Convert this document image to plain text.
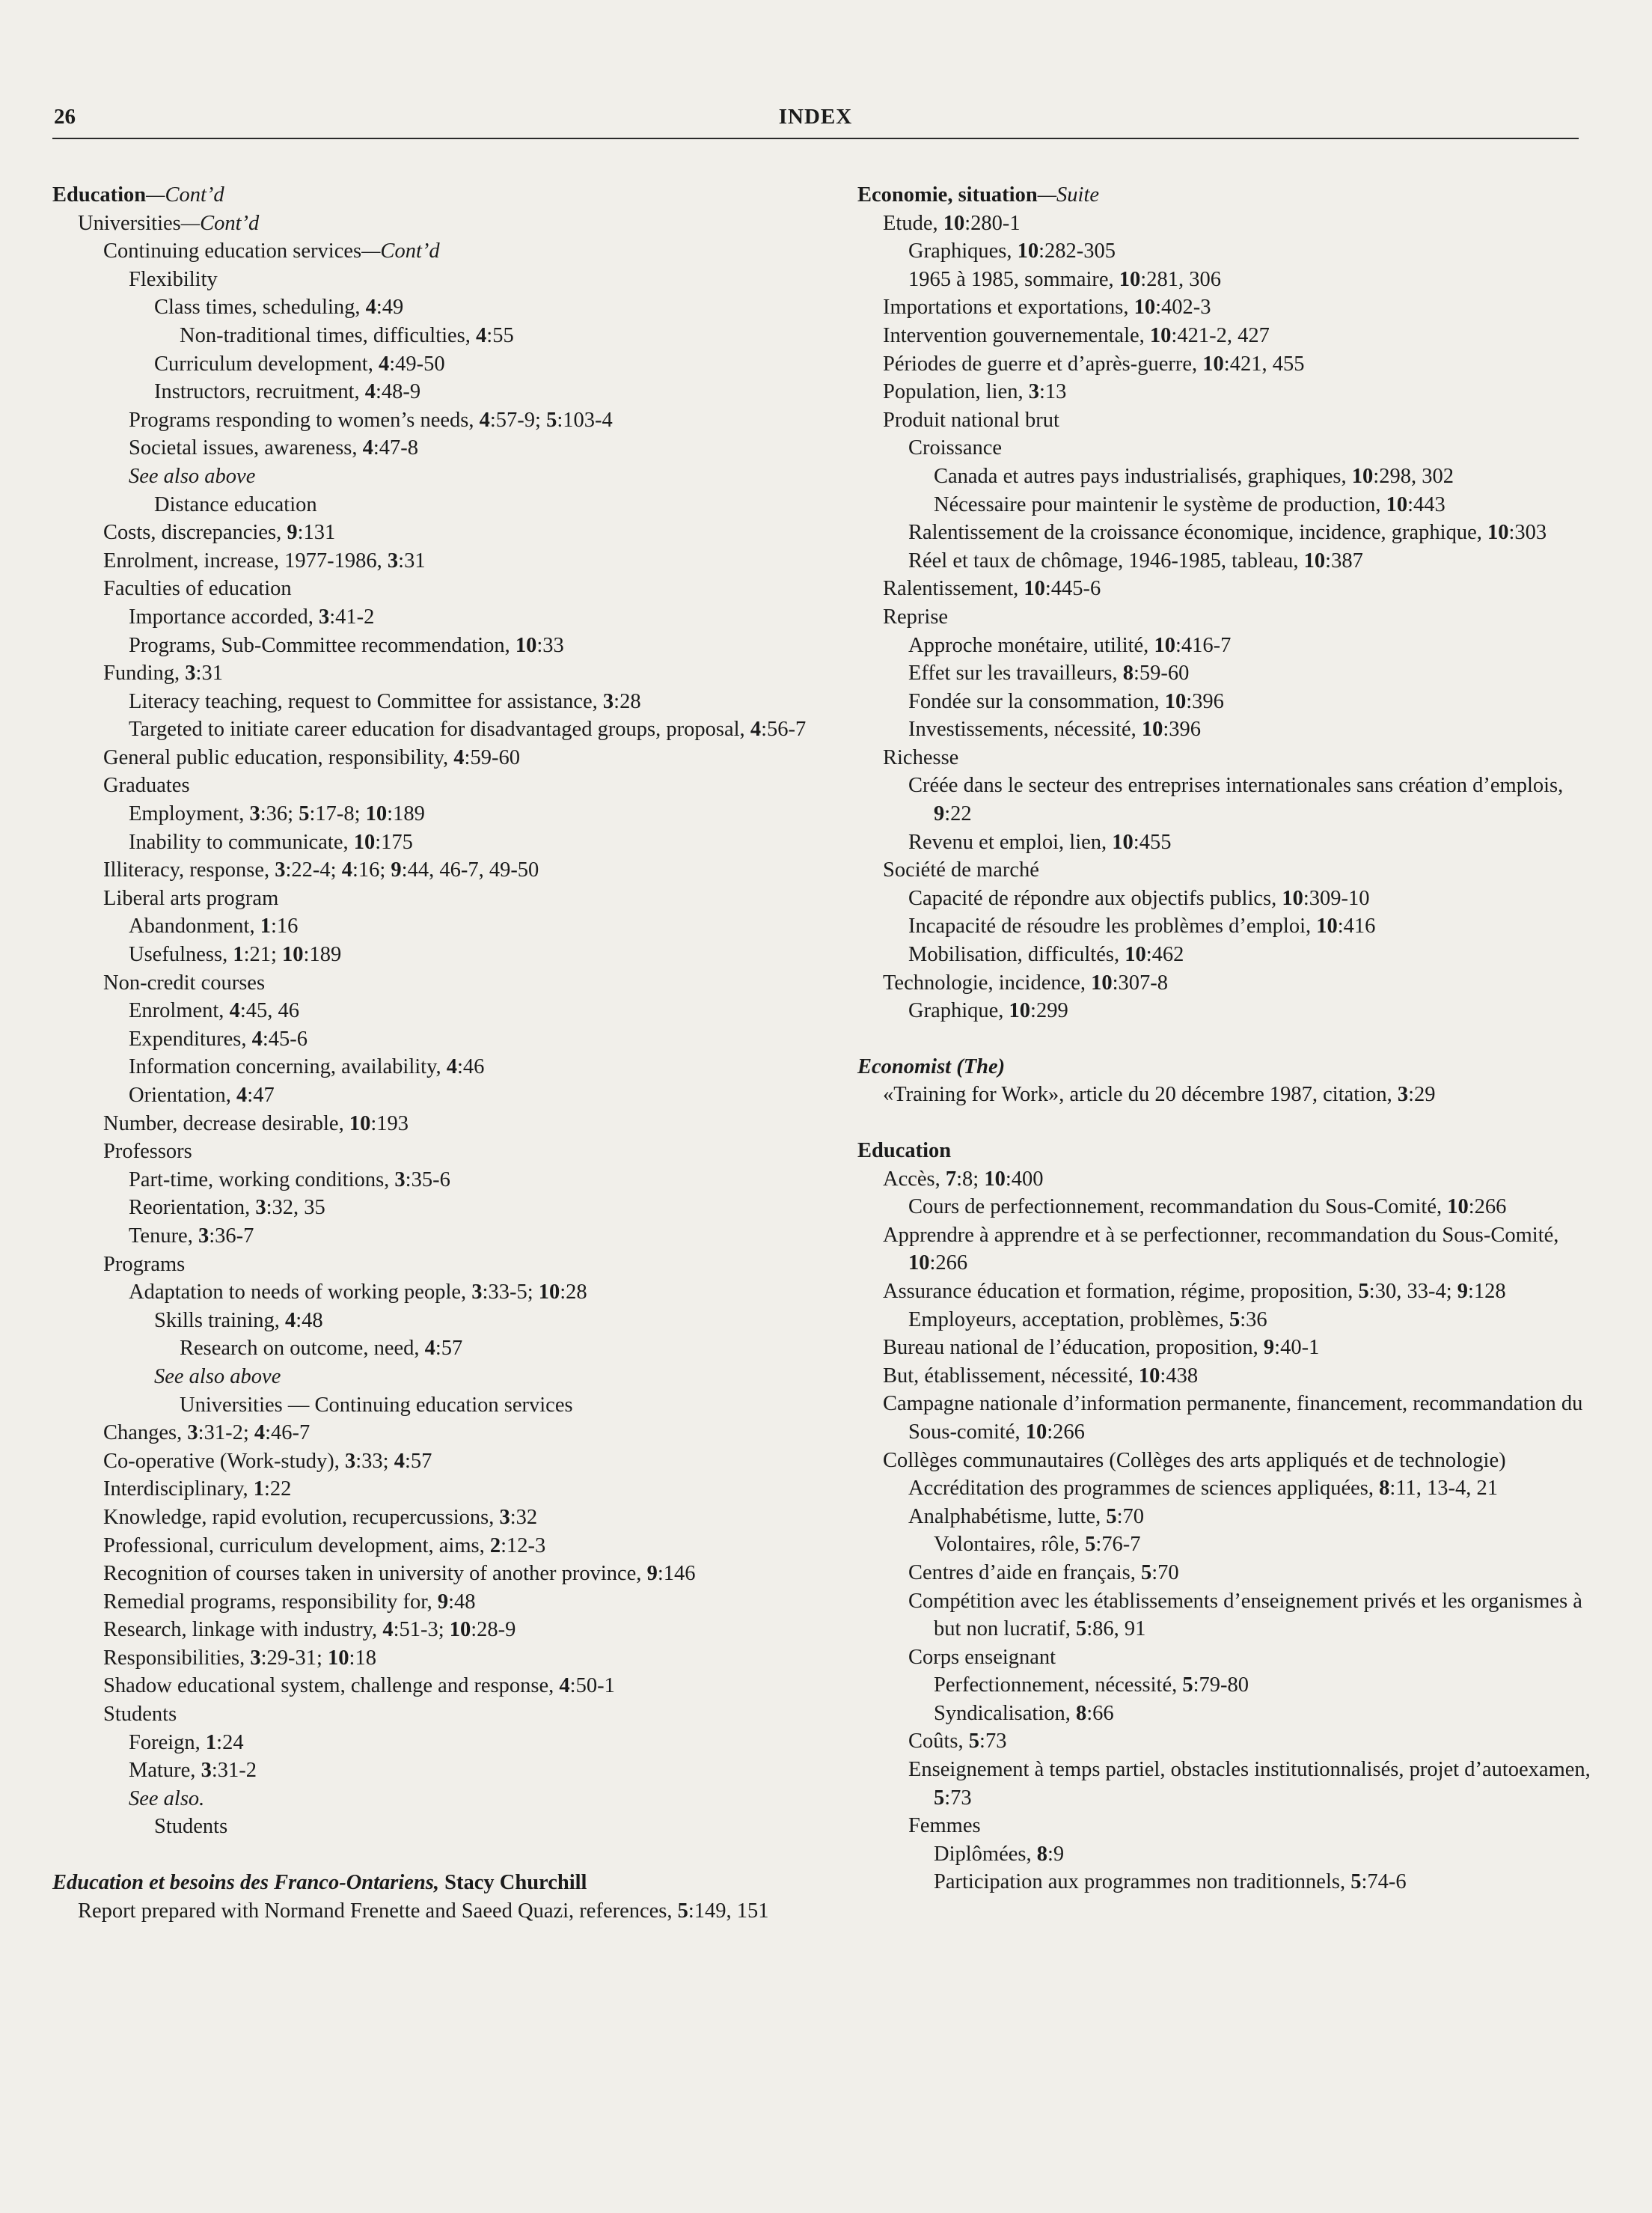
26	INDEX
Education—Cont’d
Universities—Cont’d
Continuing education services—Cont’d
Flexibility
Class times, scheduling, 4:49
Non-traditional times, difficulties, 4:55
Curriculum development, 4:49-50
Instructors, recruitment, 4:48-9
Programs responding to women’s needs, 4:57-9; 5:103-4
Societal issues, awareness, 4:47-8
See also above
Distance education
Costs, discrepancies, 9:131
Enrolment, increase, 1977-1986, 3:31
Faculties of education
Importance accorded, 3:41-2
Programs, Sub-Committee recommendation, 10:33
Funding, 3:31
Literacy teaching, request to Committee for assistance, 3:28
Targeted to initiate career education for disadvantaged groups, proposal, 4:56-7
General public education, responsibility, 4:59-60
Graduates
Employment, 3:36; 5:17-8; 10:189
Inability to communicate, 10:175
Illiteracy, response, 3:22-4; 4:16; 9:44, 46-7, 49-50
Liberal arts program
Abandonment, 1:16
Usefulness, 1:21; 10:189
Non-credit courses
Enrolment, 4:45, 46
Expenditures, 4:45-6
Information concerning, availability, 4:46
Orientation, 4:47
Number, decrease desirable, 10:193
Professors
Part-time, working conditions, 3:35-6
Reorientation, 3:32, 35
Tenure, 3:36-7
Programs
Adaptation to needs of working people, 3:33-5; 10:28
Skills training, 4:48
Research on outcome, need, 4:57
See also above
Universities — Continuing education services
Changes, 3:31-2; 4:46-7
Co-operative (Work-study), 3:33; 4:57
Interdisciplinary, 1:22
Knowledge, rapid evolution, recupercussions, 3:32
Professional, curriculum development, aims, 2:12-3
Recognition of courses taken in university of another province, 9:146
Remedial programs, responsibility for, 9:48
Research, linkage with industry, 4:51-3; 10:28-9
Responsibilities, 3:29-31; 10:18
Shadow educational system, challenge and response, 4:50-1
Students
Foreign, 1:24
Mature, 3:31-2
See also.
Students
Education et besoins des Franco-Ontariens, Stacy Churchill
Report prepared with Normand Frenette and Saeed Quazi, references, 5:149, 151
Economie, situation—Suite
Etude, 10:280-1
Graphiques, 10:282-305
1965 à 1985, sommaire, 10:281, 306
Importations et exportations, 10:402-3
Intervention gouvernementale, 10:421-2, 427
Périodes de guerre et d’après-guerre, 10:421, 455
Population, lien, 3:13
Produit national brut
Croissance
Canada et autres pays industrialisés, graphiques, 10:298, 302
Nécessaire pour maintenir le système de production, 10:443
Ralentissement de la croissance économique, incidence, graphique, 10:303
Réel et taux de chômage, 1946-1985, tableau, 10:387
Ralentissement, 10:445-6
Reprise
Approche monétaire, utilité, 10:416-7
Effet sur les travailleurs, 8:59-60
Fondée sur la consommation, 10:396
Investissements, nécessité, 10:396
Richesse
Créée dans le secteur des entreprises internationales sans création d’emplois, 9:22
Revenu et emploi, lien, 10:455
Société de marché
Capacité de répondre aux objectifs publics, 10:309-10
Incapacité de résoudre les problèmes d’emploi, 10:416
Mobilisation, difficultés, 10:462
Technologie, incidence, 10:307-8
Graphique, 10:299
Economist (The)
«Training for Work», article du 20 décembre 1987, citation, 3:29
Education
Accès, 7:8; 10:400
Cours de perfectionnement, recommandation du Sous-Comité, 10:266
Apprendre à apprendre et à se perfectionner, recommandation du Sous-Comité, 10:266
Assurance éducation et formation, régime, proposition, 5:30, 33-4; 9:128
Employeurs, acceptation, problèmes, 5:36
Bureau national de l’éducation, proposition, 9:40-1
But, établissement, nécessité, 10:438
Campagne nationale d’information permanente, financement, recommandation du Sous-comité, 10:266
Collèges communautaires (Collèges des arts appliqués et de technologie)
Accréditation des programmes de sciences appliquées, 8:11, 13-4, 21
Analphabétisme, lutte, 5:70
Volontaires, rôle, 5:76-7
Centres d’aide en français, 5:70
Compétition avec les établissements d’enseignement privés et les organismes à but non lucratif, 5:86, 91
Corps enseignant
Perfectionnement, nécessité, 5:79-80
Syndicalisation, 8:66
Coûts, 5:73
Enseignement à temps partiel, obstacles institutionnalisés, projet d’autoexamen, 5:73
Femmes
Diplômées, 8:9
Participation aux programmes non traditionnels, 5:74-6
